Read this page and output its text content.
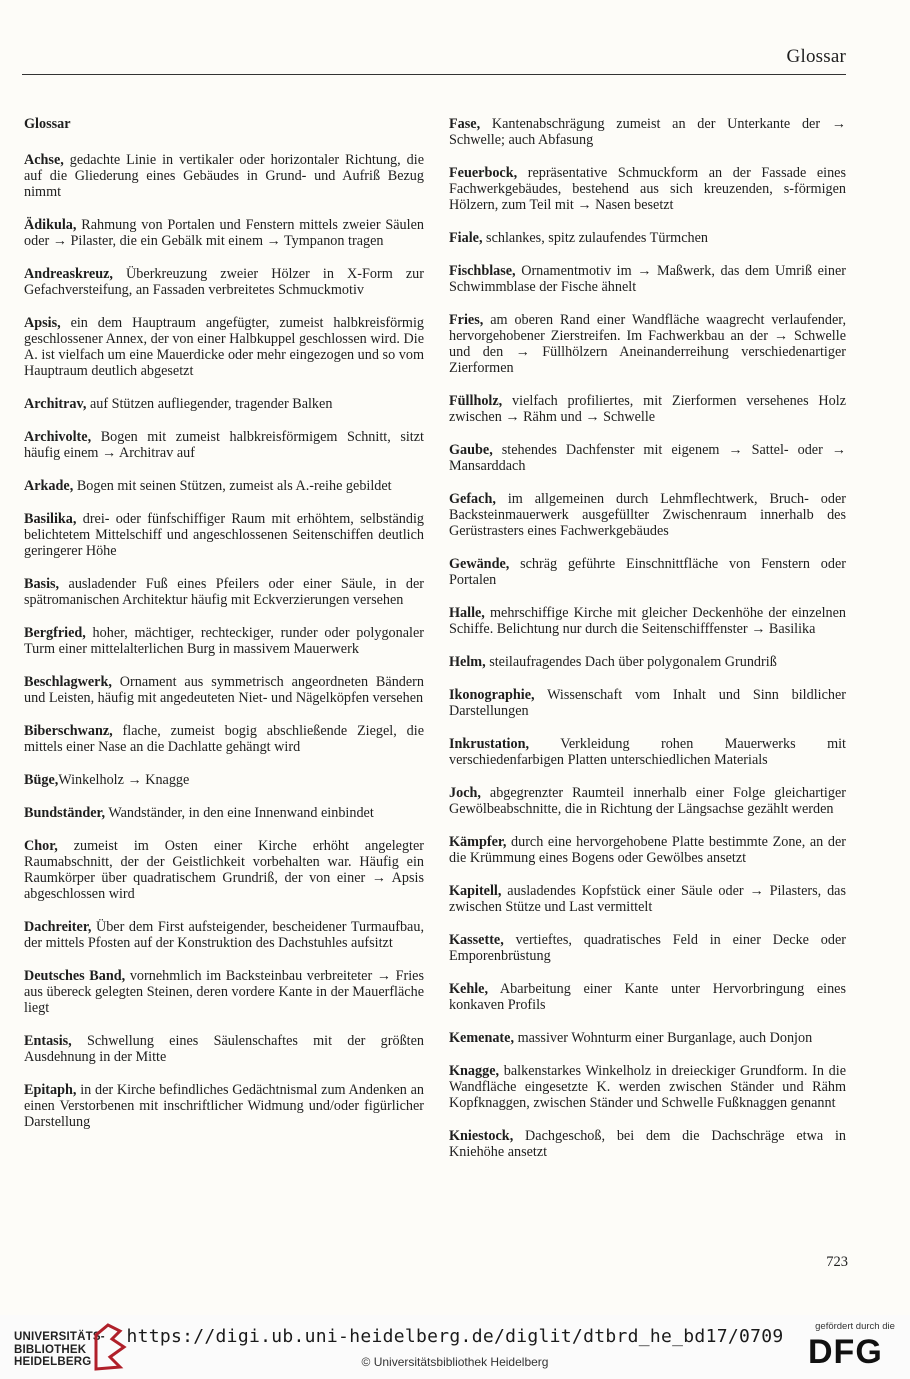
Glossar
Glossar
Achse, gedachte Linie in vertikaler oder horizontaler Richtung, die auf die Gliederung eines Gebäudes in Grund- und Aufriß Bezug nimmt
Ädikula, Rahmung von Portalen und Fenstern mittels zweier Säulen oder → Pilaster, die ein Gebälk mit einem → Tympanon tragen
Andreaskreuz, Überkreuzung zweier Hölzer in X-Form zur Gefachversteifung, an Fassaden verbreitetes Schmuckmotiv
Apsis, ein dem Hauptraum angefügter, zumeist halbkreisförmig geschlossener Annex, der von einer Halbkuppel geschlossen wird. Die A. ist vielfach um eine Mauerdicke oder mehr eingezogen und so vom Hauptraum deutlich abgesetzt
Architrav, auf Stützen aufliegender, tragender Balken
Archivolte, Bogen mit zumeist halbkreisförmigem Schnitt, sitzt häufig einem → Architrav auf
Arkade, Bogen mit seinen Stützen, zumeist als A.-reihe gebildet
Basilika, drei- oder fünfschiffiger Raum mit erhöhtem, selbständig belichtetem Mittelschiff und angeschlossenen Seitenschiffen deutlich geringerer Höhe
Basis, ausladender Fuß eines Pfeilers oder einer Säule, in der spätromanischen Architektur häufig mit Eckverzierungen versehen
Bergfried, hoher, mächtiger, rechteckiger, runder oder polygonaler Turm einer mittelalterlichen Burg in massivem Mauerwerk
Beschlagwerk, Ornament aus symmetrisch angeordneten Bändern und Leisten, häufig mit angedeuteten Niet- und Nägelköpfen versehen
Biberschwanz, flache, zumeist bogig abschließende Ziegel, die mittels einer Nase an die Dachlatte gehängt wird
Büge,Winkelholz → Knagge
Bundständer, Wandständer, in den eine Innenwand einbindet
Chor, zumeist im Osten einer Kirche erhöht angelegter Raumabschnitt, der der Geistlichkeit vorbehalten war. Häufig ein Raumkörper über quadratischem Grundriß, der von einer → Apsis abgeschlossen wird
Dachreiter, Über dem First aufsteigender, bescheidener Turmaufbau, der mittels Pfosten auf der Konstruktion des Dachstuhles aufsitzt
Deutsches Band, vornehmlich im Backsteinbau verbreiteter → Fries aus übereck gelegten Steinen, deren vordere Kante in der Mauerfläche liegt
Entasis, Schwellung eines Säulenschaftes mit der größten Ausdehnung in der Mitte
Epitaph, in der Kirche befindliches Gedächtnismal zum Andenken an einen Verstorbenen mit inschriftlicher Widmung und/oder figürlicher Darstellung
Fase, Kantenabschrägung zumeist an der Unterkante der → Schwelle; auch Abfasung
Feuerbock, repräsentative Schmuckform an der Fassade eines Fachwerkgebäudes, bestehend aus sich kreuzenden, s-förmigen Hölzern, zum Teil mit → Nasen besetzt
Fiale, schlankes, spitz zulaufendes Türmchen
Fischblase, Ornamentmotiv im → Maßwerk, das dem Umriß einer Schwimmblase der Fische ähnelt
Fries, am oberen Rand einer Wandfläche waagrecht verlaufender, hervorgehobener Zierstreifen. Im Fachwerkbau an der → Schwelle und den → Füllhölzern Aneinanderreihung verschiedenartiger Zierformen
Füllholz, vielfach profiliertes, mit Zierformen versehenes Holz zwischen → Rähm und → Schwelle
Gaube, stehendes Dachfenster mit eigenem → Sattel- oder → Mansarddach
Gefach, im allgemeinen durch Lehmflechtwerk, Bruch- oder Backsteinmauerwerk ausgefüllter Zwischenraum innerhalb des Gerüstrasters eines Fachwerkgebäudes
Gewände, schräg geführte Einschnittfläche von Fenstern oder Portalen
Halle, mehrschiffige Kirche mit gleicher Deckenhöhe der einzelnen Schiffe. Belichtung nur durch die Seitenschifffenster → Basilika
Helm, steilaufragendes Dach über polygonalem Grundriß
Ikonographie, Wissenschaft vom Inhalt und Sinn bildlicher Darstellungen
Inkrustation, Verkleidung rohen Mauerwerks mit verschiedenfarbigen Platten unterschiedlichen Materials
Joch, abgegrenzter Raumteil innerhalb einer Folge gleichartiger Gewölbeabschnitte, die in Richtung der Längsachse gezählt werden
Kämpfer, durch eine hervorgehobene Platte bestimmte Zone, an der die Krümmung eines Bogens oder Gewölbes ansetzt
Kapitell, ausladendes Kopfstück einer Säule oder → Pilasters, das zwischen Stütze und Last vermittelt
Kassette, vertieftes, quadratisches Feld in einer Decke oder Emporenbrüstung
Kehle, Abarbeitung einer Kante unter Hervorbringung eines konkaven Profils
Kemenate, massiver Wohnturm einer Burganlage, auch Donjon
Knagge, balkenstarkes Winkelholz in dreieckiger Grundform. In die Wandfläche eingesetzte K. werden zwischen Ständer und Rähm Kopfknaggen, zwischen Ständer und Schwelle Fußknaggen genannt
Kniestock, Dachgeschoß, bei dem die Dachschräge etwa in Kniehöhe ansetzt
723
UNIVERSITÄTS-
BIBLIOTHEK
HEIDELBERG
https://digi.ub.uni-heidelberg.de/diglit/dtbrd_he_bd17/0709
© Universitätsbibliothek Heidelberg
gefördert durch die
DFG
